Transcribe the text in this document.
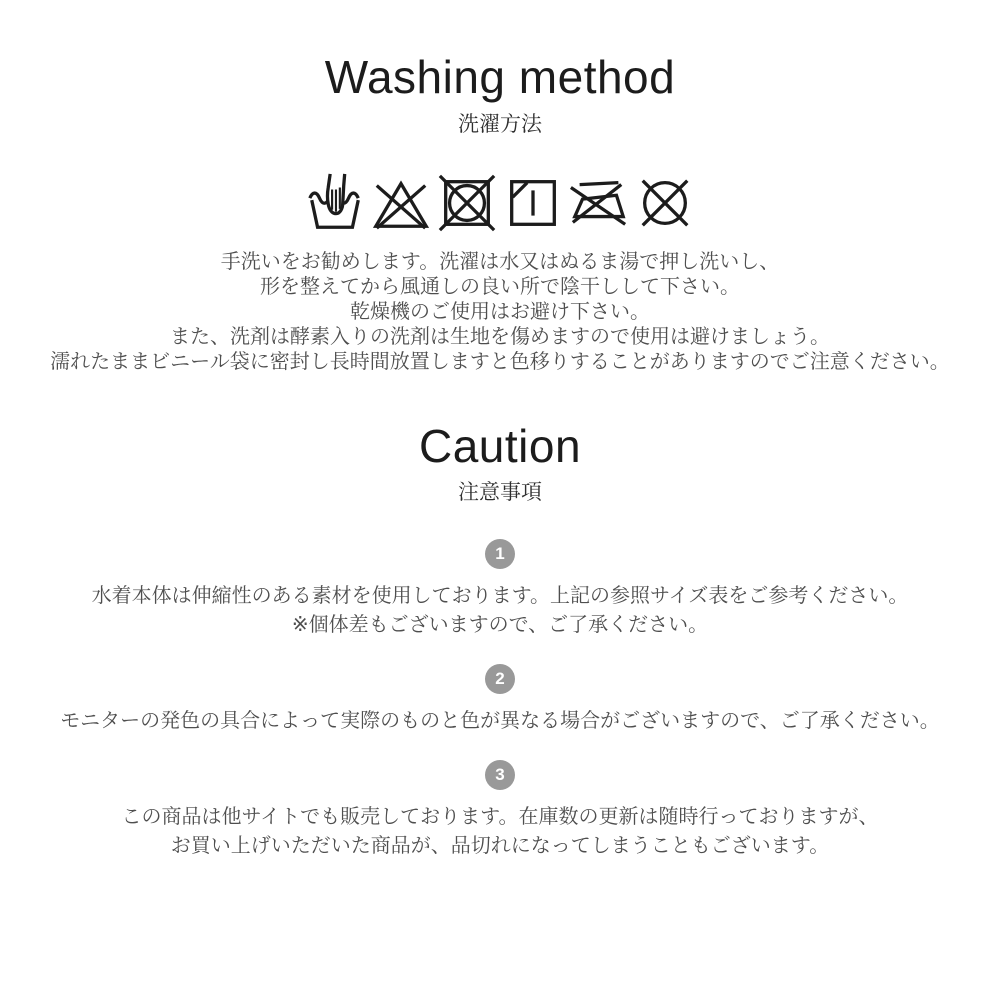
Washing method
洗濯方法

手洗いをお勧めします。洗濯は水又はぬるま湯で押し洗いし、

形を整えてから風通しの良い所で陰干しして下さい。

乾燥機のご使用はお避け下さい。

また、洗剤は酵素入りの洗剤は生地を傷めますので使用は避けましょう。

濡れたままビニール袋に密封し長時間放置しますと色移りすることがありますのでご注意ください。

Caution
注意事項
1

水着本体は伸縮性のある素材を使用しております。上記の参照サイズ表をご参考ください。

※個体差もございますので、ご了承ください。

2

モニターの発色の具合によって実際のものと色が異なる場合がございますので、ご了承ください。

3

この商品は他サイトでも販売しております。在庫数の更新は随時行っておりますが、

お買い上げいただいた商品が、品切れになってしまうこともございます。
